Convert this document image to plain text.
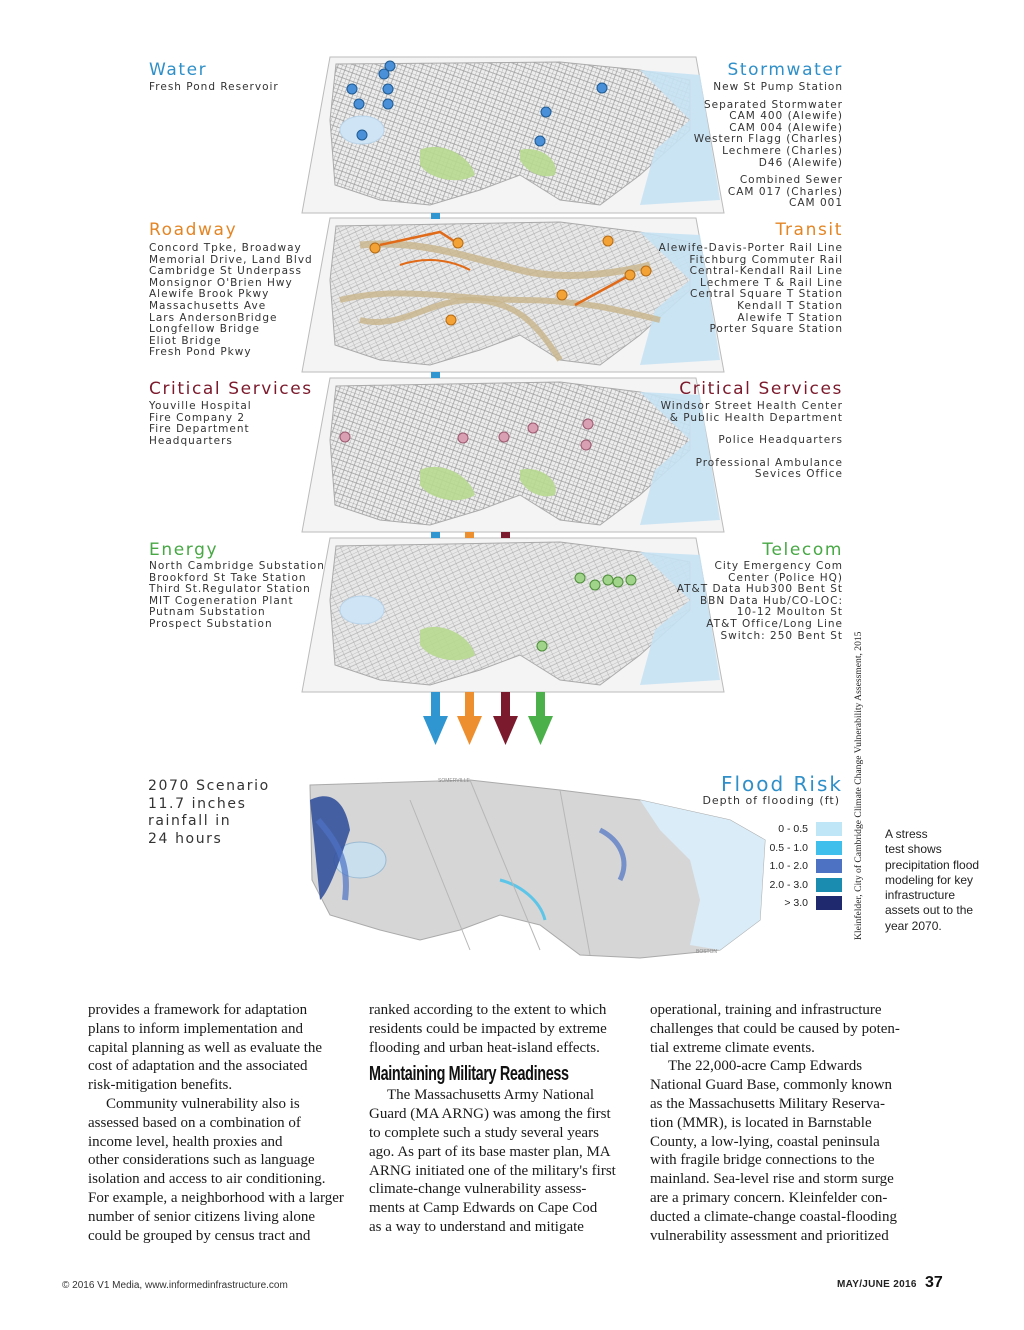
SOMERVILLE
BOSTON
Water
Fresh Pond Reservoir
Stormwater
New St Pump Station
Separated Stormwater
CAM 400 (Alewife)
CAM 004 (Alewife)
Western Flagg (Charles)
Lechmere (Charles)
D46 (Alewife)
Combined Sewer
CAM 017 (Charles)
CAM 001
Roadway
Concord Tpke, Broadway
Memorial Drive, Land Blvd
Cambridge St Underpass
Monsignor O'Brien Hwy
Alewife Brook Pkwy
Massachusetts Ave
Lars AndersonBridge
Longfellow Bridge
Eliot Bridge
Fresh Pond Pkwy
Transit
Alewife-Davis-Porter Rail Line
Fitchburg Commuter Rail
Central-Kendall Rail Line
Lechmere T & Rail Line
Central Square T Station
Kendall T Station
Alewife T Station
Porter Square Station
Critical Services
Youville Hospital
Fire Company 2
Fire Department
Headquarters
Critical Services
Windsor Street Health Center
& Public Health Department
Police Headquarters
Professional Ambulance
Sevices Office
Energy
North Cambridge Substation
Brookford St Take Station
Third St.Regulator Station
MIT Cogeneration Plant
Putnam Substation
Prospect Substation
Telecom
City Emergency Com
Center (Police HQ)
AT&T Data Hub300 Bent St
BBN Data Hub/CO-LOC:
10-12 Moulton St
AT&T Office/Long Line
Switch: 250 Bent St
2070 Scenario
11.7 inches
rainfall in
24 hours
Flood Risk
Depth of flooding (ft)
0 - 0.5
0.5 - 1.0
1.0 - 2.0
2.0 - 3.0
> 3.0	Kleinfelder, City of Cambridge Climate Change Vulnerability Assessment, 2015 A stress
test shows
precipitation flood
modeling for key
infrastructure
assets out to the
year 2070.

provides a framework for adaptation
plans to inform implementation and
capital planning as well as evaluate the
cost of adaptation and the associated
risk-mitigation benefits.

Community vulnerability also is
assessed based on a combination of
income level, health proxies and
other considerations such as language
isolation and access to air conditioning.
For example, a neighborhood with a larger
number of senior citizens living alone
could be grouped by census tract and

ranked according to the extent to which
residents could be impacted by extreme
flooding and urban heat-island effects.

Maintaining Military Readiness

The Massachusetts Army National
Guard (MA ARNG) was among the first
to complete such a study several years
ago. As part of its base master plan, MA
ARNG initiated one of the military's first
climate-change vulnerability assess-
ments at Camp Edwards on Cape Cod
as a way to understand and mitigate

operational, training and infrastructure
challenges that could be caused by poten-
tial extreme climate events.

The 22,000-acre Camp Edwards
National Guard Base, commonly known
as the Massachusetts Military Reserva-
tion (MMR), is located in Barnstable
County, a low-lying, coastal peninsula
with fragile bridge connections to the
mainland. Sea-level rise and storm surge
are a primary concern. Kleinfelder con-
ducted a climate-change coastal-flooding
vulnerability assessment and prioritized

© 2016 V1 Media, www.informedinfrastructure.com	MAY/JUNE 2016 37
